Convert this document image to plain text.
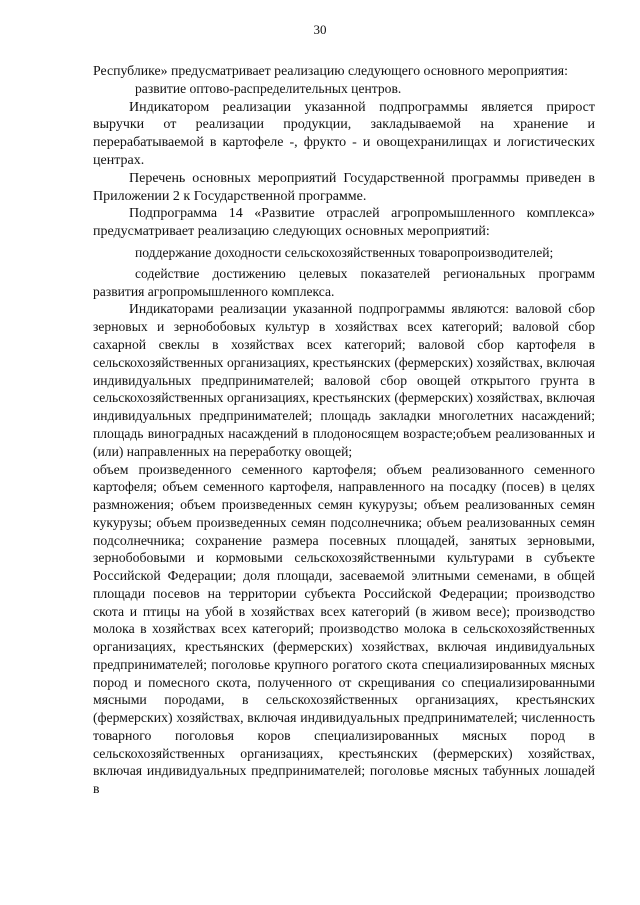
30

Республике» предусматривает реализацию следующего основного мероприятия:

развитие оптово-распределительных центров.

Индикатором реализации указанной подпрограммы является прирост выручки от реализации продукции, закладываемой на хранение и перерабатываемой в картофеле -, фрукто - и овощехранилищах и логистических центрах.

Перечень основных мероприятий Государственной программы приведен в Приложении 2 к Государственной программе.

Подпрограмма 14 «Развитие отраслей агропромышленного комплекса» предусматривает реализацию следующих основных мероприятий:

поддержание доходности сельскохозяйственных товаропроизводителей;

содействие достижению целевых показателей региональных программ развития агропромышленного комплекса.

Индикаторами реализации указанной подпрограммы являются: валовой сбор зерновых и зернобобовых культур в хозяйствах всех категорий; валовой сбор сахарной свеклы в хозяйствах всех категорий; валовой сбор картофеля в сельскохозяйственных организациях, крестьянских (фермерских) хозяйствах, включая индивидуальных предпринимателей; валовой сбор овощей открытого грунта в сельскохозяйственных организациях, крестьянских (фермерских) хозяйствах, включая индивидуальных предпринимателей; площадь закладки многолетних насаждений; площадь виноградных насаждений в плодоносящем возрасте;объем реализованных и (или) направленных на переработку овощей;

объем произведенного семенного картофеля; объем реализованного семенного картофеля; объем семенного картофеля, направленного на посадку (посев) в целях размножения; объем произведенных семян кукурузы; объем реализованных семян кукурузы; объем произведенных семян подсолнечника; объем реализованных семян подсолнечника; сохранение размера посевных площадей, занятых зерновыми, зернобобовыми и кормовыми сельскохозяйственными культурами в субъекте Российской Федерации; доля площади, засеваемой элитными семенами, в общей площади посевов на территории субъекта Российской Федерации; производство скота и птицы на убой в хозяйствах всех категорий (в живом весе); производство молока в хозяйствах всех категорий; производство молока в сельскохозяйственных организациях, крестьянских (фермерских) хозяйствах, включая индивидуальных предпринимателей; поголовье крупного рогатого скота специализированных мясных пород и помесного скота, полученного от скрещивания со специализированными мясными породами, в сельскохозяйственных организациях, крестьянских (фермерских) хозяйствах, включая индивидуальных предпринимателей; численность товарного поголовья коров специализированных мясных пород в сельскохозяйственных организациях, крестьянских (фермерских) хозяйствах, включая индивидуальных предпринимателей; поголовье мясных табунных лошадей в
